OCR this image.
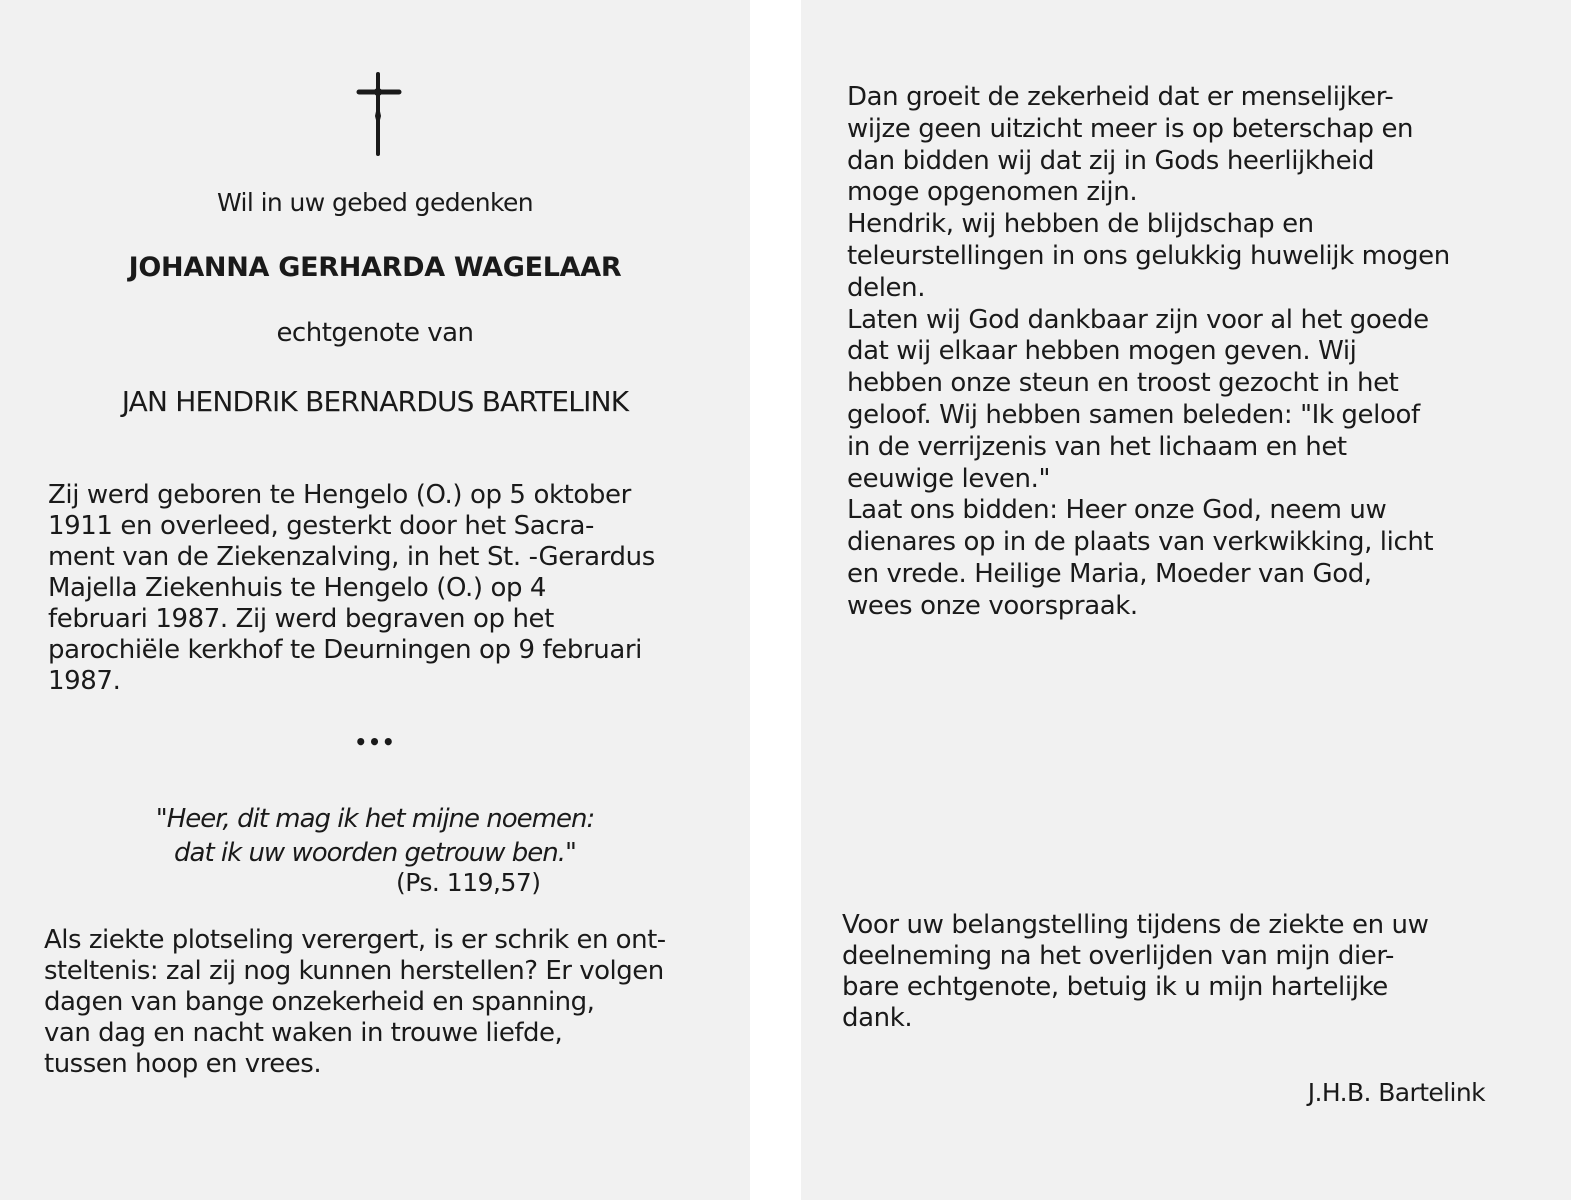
Wil in uw gebed gedenken
JOHANNA GERHARDA WAGELAAR
echtgenote van
JAN HENDRIK BERNARDUS BARTELINK
Zij werd geboren te Hengelo (O.) op 5 oktober
1911 en overleed, gesterkt door het Sacra-
ment van de Ziekenzalving, in het St. -Gerardus
Majella Ziekenhuis te Hengelo (O.) op 4
februari 1987. Zij werd begraven op het
parochiële kerkhof te Deurningen op 9 februari
1987.
•••
"Heer, dit mag ik het mijne noemen:
dat ik uw woorden getrouw ben."
(Ps. 119,57)
Als ziekte plotseling verergert, is er schrik en ont-
steltenis: zal zij nog kunnen herstellen? Er volgen
dagen van bange onzekerheid en spanning,
van dag en nacht waken in trouwe liefde,
tussen hoop en vrees.
Dan groeit de zekerheid dat er menselijker-
wijze geen uitzicht meer is op beterschap en
dan bidden wij dat zij in Gods heerlijkheid
moge opgenomen zijn.
Hendrik, wij hebben de blijdschap en
teleurstellingen in ons gelukkig huwelijk mogen
delen.
Laten wij God dankbaar zijn voor al het goede
dat wij elkaar hebben mogen geven. Wij
hebben onze steun en troost gezocht in het
geloof. Wij hebben samen beleden: "Ik geloof
in de verrijzenis van het lichaam en het
eeuwige leven."
Laat ons bidden: Heer onze God, neem uw
dienares op in de plaats van verkwikking, licht
en vrede. Heilige Maria, Moeder van God,
wees onze voorspraak.
Voor uw belangstelling tijdens de ziekte en uw
deelneming na het overlijden van mijn dier-
bare echtgenote, betuig ik u mijn hartelijke
dank.
J.H.B. Bartelink
